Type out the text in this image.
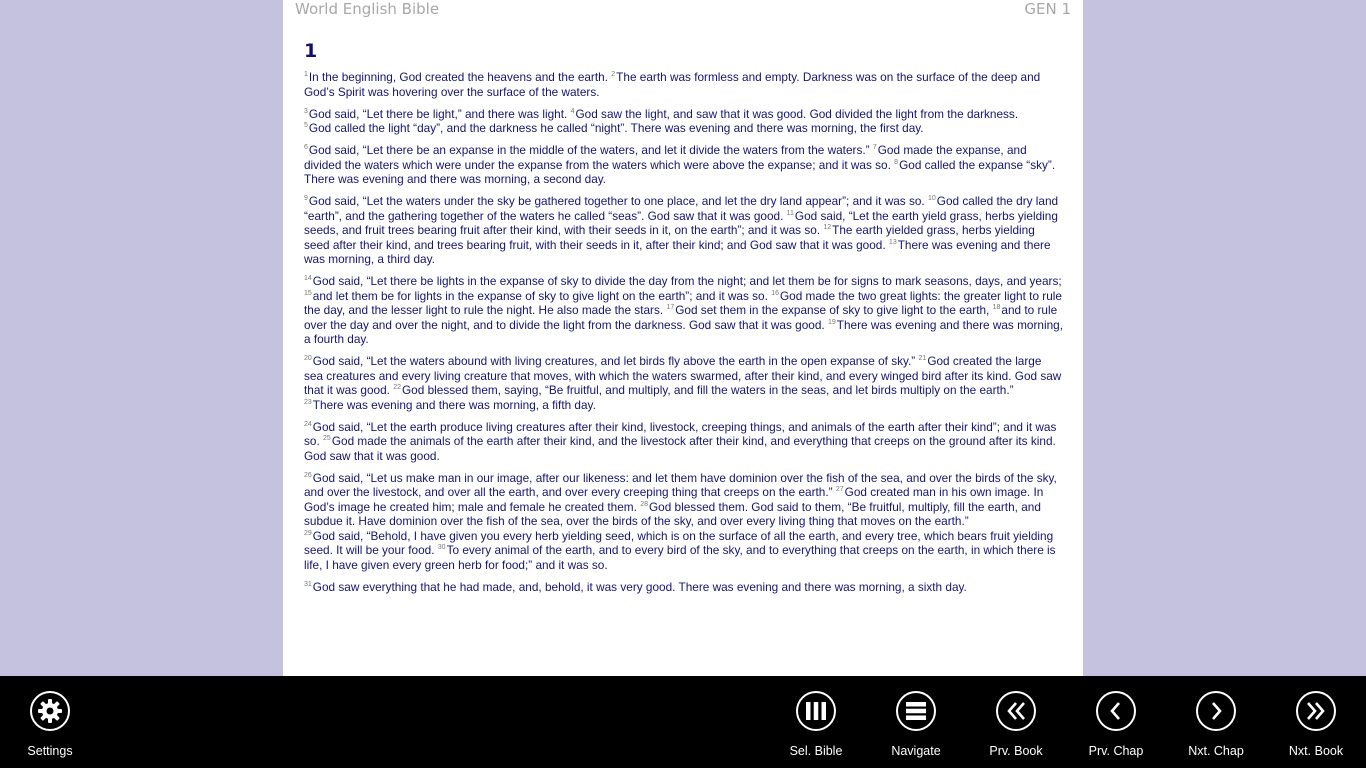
World English Bible	GEN 1
1
$^1$In the beginning, God created the heavens and the earth. $^2$The earth was formless and empty. Darkness was on the surface of the deep and God’s Spirit was hovering over the surface of the waters.
$^3$God said, “Let there be light,” and there was light. $^4$God saw the light, and saw that it was good. God divided the light from the darkness.
$^5$God called the light “day”, and the darkness he called “night”. There was evening and there was morning, the first day.
$^6$God said, “Let there be an expanse in the middle of the waters, and let it divide the waters from the waters.” $^7$God made the expanse, and divided the waters which were under the expanse from the waters which were above the expanse; and it was so. $^8$God called the expanse “sky”. There was evening and there was morning, a second day.
$^9$God said, “Let the waters under the sky be gathered together to one place, and let the dry land appear”; and it was so. $^{10}$God called the dry land “earth”, and the gathering together of the waters he called “seas”. God saw that it was good. $^{11}$God said, “Let the earth yield grass, herbs yielding seeds, and fruit trees bearing fruit after their kind, with their seeds in it, on the earth”; and it was so. $^{12}$The earth yielded grass, herbs yielding seed after their kind, and trees bearing fruit, with their seeds in it, after their kind; and God saw that it was good. $^{13}$There was evening and there was morning, a third day.
$^{14}$God said, “Let there be lights in the expanse of sky to divide the day from the night; and let them be for signs to mark seasons, days, and years; $^{15}$and let them be for lights in the expanse of sky to give light on the earth”; and it was so. $^{16}$God made the two great lights: the greater light to rule the day, and the lesser light to rule the night. He also made the stars. $^{17}$God set them in the expanse of sky to give light to the earth, $^{18}$and to rule over the day and over the night, and to divide the light from the darkness. God saw that it was good. $^{19}$There was evening and there was morning, a fourth day.
$^{20}$God said, “Let the waters abound with living creatures, and let birds fly above the earth in the open expanse of sky.” $^{21}$God created the large sea creatures and every living creature that moves, with which the waters swarmed, after their kind, and every winged bird after its kind. God saw that it was good. $^{22}$God blessed them, saying, “Be fruitful, and multiply, and fill the waters in the seas, and let birds multiply on the earth.”
$^{23}$There was evening and there was morning, a fifth day.
$^{24}$God said, “Let the earth produce living creatures after their kind, livestock, creeping things, and animals of the earth after their kind”; and it was so. $^{25}$God made the animals of the earth after their kind, and the livestock after their kind, and everything that creeps on the ground after its kind. God saw that it was good.
$^{26}$God said, “Let us make man in our image, after our likeness: and let them have dominion over the fish of the sea, and over the birds of the sky, and over the livestock, and over all the earth, and over every creeping thing that creeps on the earth.” $^{27}$God created man in his own image. In God’s image he created him; male and female he created them. $^{28}$God blessed them. God said to them, “Be fruitful, multiply, fill the earth, and subdue it. Have dominion over the fish of the sea, over the birds of the sky, and over every living thing that moves on the earth.”
$^{29}$God said, “Behold, I have given you every herb yielding seed, which is on the surface of all the earth, and every tree, which bears fruit yielding seed. It will be your food. $^{30}$To every animal of the earth, and to every bird of the sky, and to everything that creeps on the earth, in which there is life, I have given every green herb for food;” and it was so.
$^{31}$God saw everything that he had made, and, behold, it was very good. There was evening and there was morning, a sixth day.
Settings	Sel. Bible	Navigate	Prv. Book	Prv. Chap	Nxt. Chap	Nxt. Book
